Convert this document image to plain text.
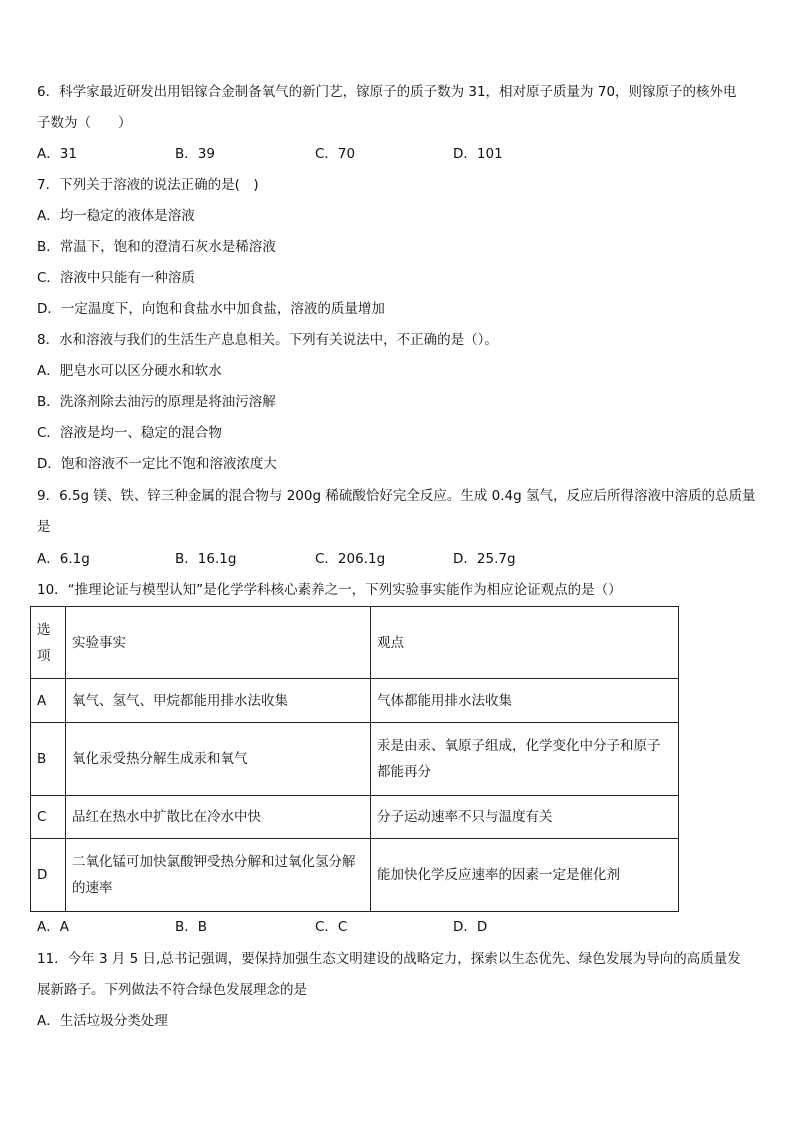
6．科学家最近研发出用铝镓合金制备氧气的新门艺，镓原子的质子数为 31，相对原子质量为 70，则镓原子的核外电
子数为（　　）
A．31	B．39	C．70	D．101
7．下列关于溶液的说法正确的是(　)
A．均一稳定的液体是溶液
B．常温下，饱和的澄清石灰水是稀溶液
C．溶液中只能有一种溶质
D．一定温度下，向饱和食盐水中加食盐，溶液的质量增加
8．水和溶液与我们的生活生产息息相关。下列有关说法中，不正确的是（）。
A．肥皂水可以区分硬水和软水
B．洗涤剂除去油污的原理是将油污溶解
C．溶液是均一、稳定的混合物
D．饱和溶液不一定比不饱和溶液浓度大
9．6.5g 镁、铁、锌三种金属的混合物与 200g 稀硫酸恰好完全反应。生成 0.4g 氢气，反应后所得溶液中溶质的总质量
是
A．6.1g	B．16.1g	C．206.1g	D．25.7g
10．“推理论证与模型认知”是化学学科核心素养之一，下列实验事实能作为相应论证观点的是（）
选项	实验事实	观点
A	氧气、氢气、甲烷都能用排水法收集	气体都能用排水法收集
B	氧化汞受热分解生成汞和氧气	汞是由汞、氧原子组成，化学变化中分子和原子都能再分
C	品红在热水中扩散比在冷水中快	分子运动速率不只与温度有关
D	二氧化锰可加快氯酸钾受热分解和过氧化氢分解的速率	能加快化学反应速率的因素一定是催化剂
A．A	B．B	C．C	D．D
11．今年 3 月 5 日,总书记强调，要保持加强生态文明建设的战略定力，探索以生态优先、绿色发展为导向的高质量发
展新路子。下列做法不符合绿色发展理念的是
A．生活垃圾分类处理
